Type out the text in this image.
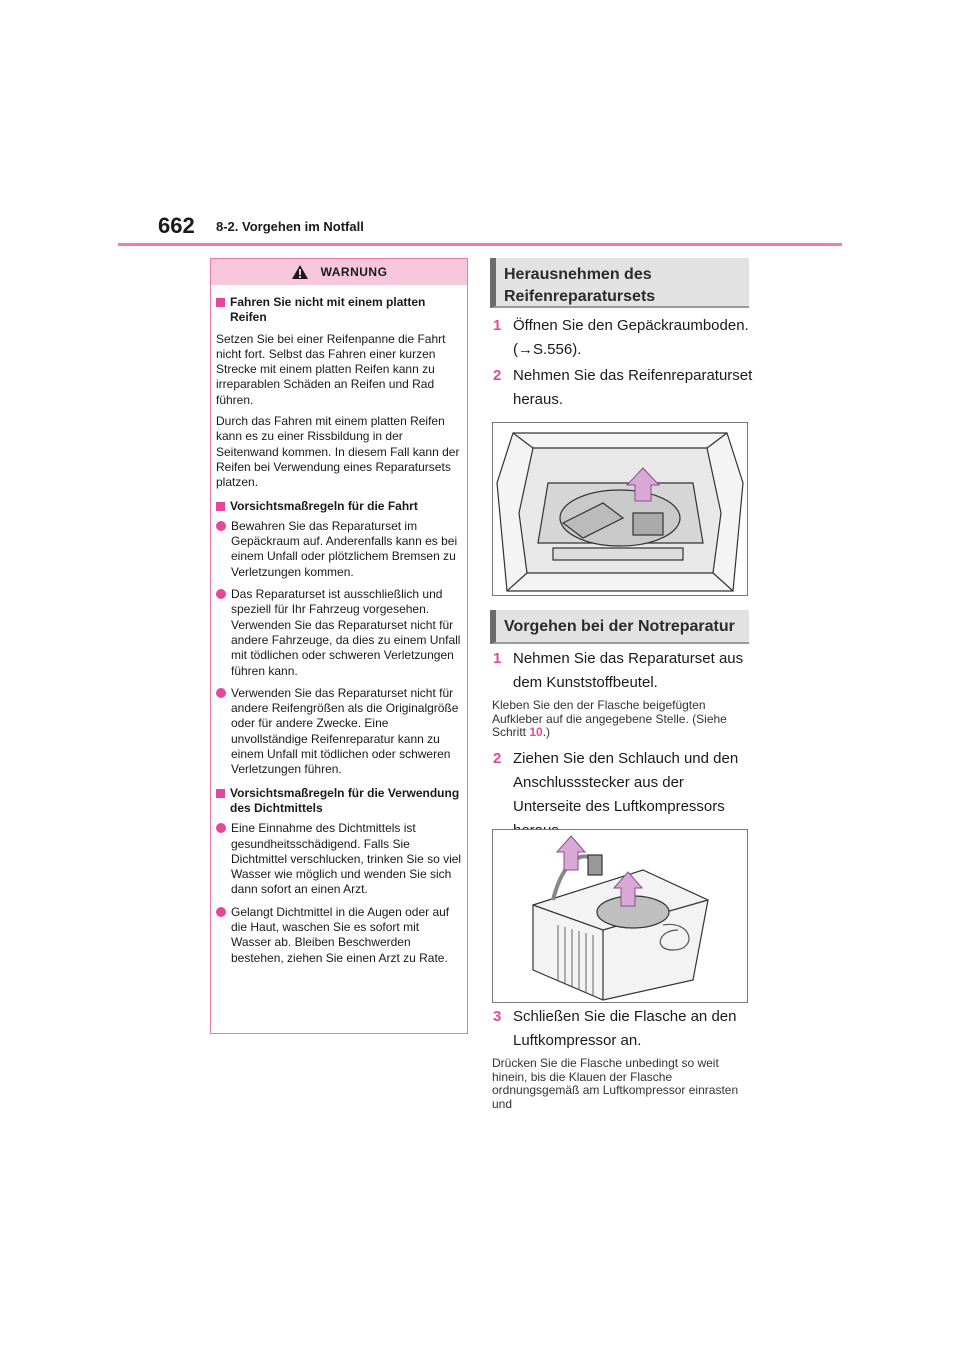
662 8-2. Vorgehen im Notfall
WARNUNG
Fahren Sie nicht mit einem platten Reifen

Setzen Sie bei einer Reifenpanne die Fahrt nicht fort. Selbst das Fahren einer kurzen Strecke mit einem platten Reifen kann zu irreparablen Schäden an Reifen und Rad führen.

Durch das Fahren mit einem platten Reifen kann es zu einer Rissbildung in der Seitenwand kommen. In diesem Fall kann der Reifen bei Verwendung eines Reparatursets platzen.

Vorsichtsmaßregeln für die Fahrt
Bewahren Sie das Reparaturset im Gepäckraum auf. Anderenfalls kann es bei einem Unfall oder plötzlichem Bremsen zu Verletzungen kommen.
Das Reparaturset ist ausschließlich und speziell für Ihr Fahrzeug vorgesehen. Verwenden Sie das Reparaturset nicht für andere Fahrzeuge, da dies zu einem Unfall mit tödlichen oder schweren Verletzungen führen kann.
Verwenden Sie das Reparaturset nicht für andere Reifengrößen als die Originalgröße oder für andere Zwecke. Eine unvollständige Reifenreparatur kann zu einem Unfall mit tödlichen oder schweren Verletzungen führen.
Vorsichtsmaßregeln für die Verwendung des Dichtmittels
Eine Einnahme des Dichtmittels ist gesundheitsschädigend. Falls Sie Dichtmittel verschlucken, trinken Sie so viel Wasser wie möglich und wenden Sie sich dann sofort an einen Arzt.
Gelangt Dichtmittel in die Augen oder auf die Haut, waschen Sie es sofort mit Wasser ab. Bleiben Beschwerden bestehen, ziehen Sie einen Arzt zu Rate.
Herausnehmen des Reifenreparatursets
1 Öffnen Sie den Gepäckraumboden. (→S.556).
2 Nehmen Sie das Reifenreparaturset heraus.
Vorgehen bei der Notreparatur
1 Nehmen Sie das Reparaturset aus dem Kunststoffbeutel.
Kleben Sie den der Flasche beigefügten Aufkleber auf die angegebene Stelle. (Siehe Schritt 10.)
2 Ziehen Sie den Schlauch und den Anschlussstecker aus der Unterseite des Luftkompressors
3 Schließen Sie die Flasche an den Luftkompressor an.
Drücken Sie die Flasche unbedingt so weit hinein, bis die Klauen der Flasche ordnungsgemäß am Luftkompressor einrasten und
